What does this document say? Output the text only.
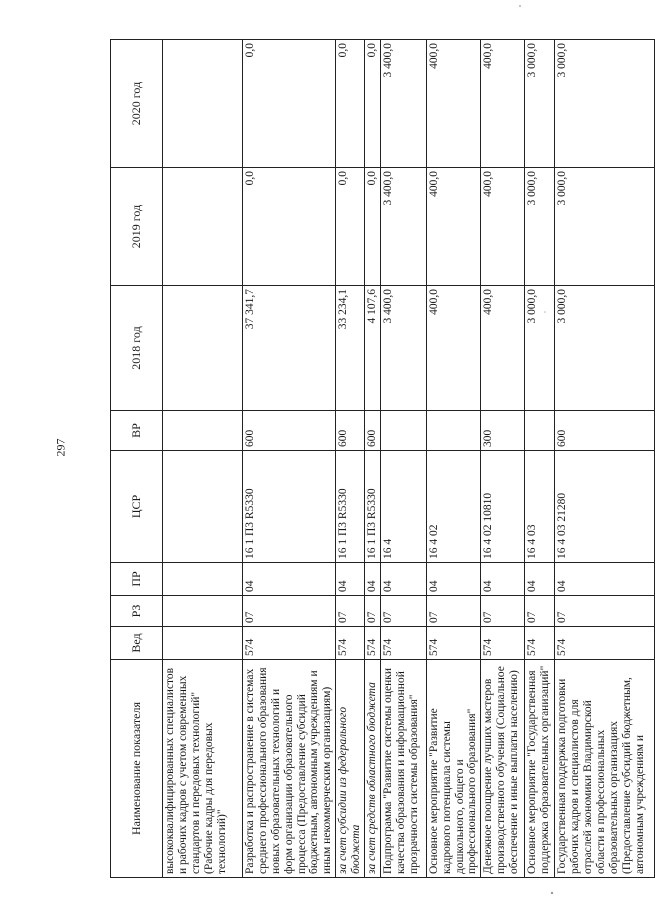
297
Наименование показателя	Вед	РЗ	ПР	ЦСР	ВР	2018 год	2019 год	2020 год
высококвалифицированных специалистов и рабочих кадров с учетом современных стандартов и передовых технологий" (Рабочие кадры для передовых технологий)"								
Разработка и распространение в системах среднего профессионального образования новых образовательных технологий и форм организации образовательного процесса (Предоставление субсидий бюджетным, автономным учреждениям и иным некоммерческим организациям)	574	07	04	16 1 П3 R5330	600	37 341,7	0,0	0,0
за счет субсидии из федерального бюджета	574	07	04	16 1 П3 R5330	600	33 234,1	0,0	0,0
за счет средств областного бюджета	574	07	04	16 1 П3 R5330	600	4 107,6	0,0	0,0
Подпрограмма "Развитие системы оценки качества образования и информационной прозрачности системы образования"	574	07	04	16 4		3 400,0	3 400,0	3 400,0
Основное мероприятие "Развитие кадрового потенциала системы дошкольного, общего и профессионального образования"	574	07	04	16 4 02		400,0	400,0	400,0
Денежное поощрение лучших мастеров производственного обучения (Социальное обеспечение и иные выплаты населению)	574	07	04	16 4 02 10810	300	400,0	400,0	400,0
Основное мероприятие "Государственная поддержка образовательных организаций"	574	07	04	16 4 03		3 000,0	3 000,0	3 000,0
Государственная поддержка подготовки рабочих кадров и специалистов для отраслей экономики Владимирской области в профессиональных образовательных организациях (Предоставление субсидий бюджетным, автономным учреждениям и	574	07	04	16 4 03 21280	600	3 000,0	3 000,0	3 000,0
